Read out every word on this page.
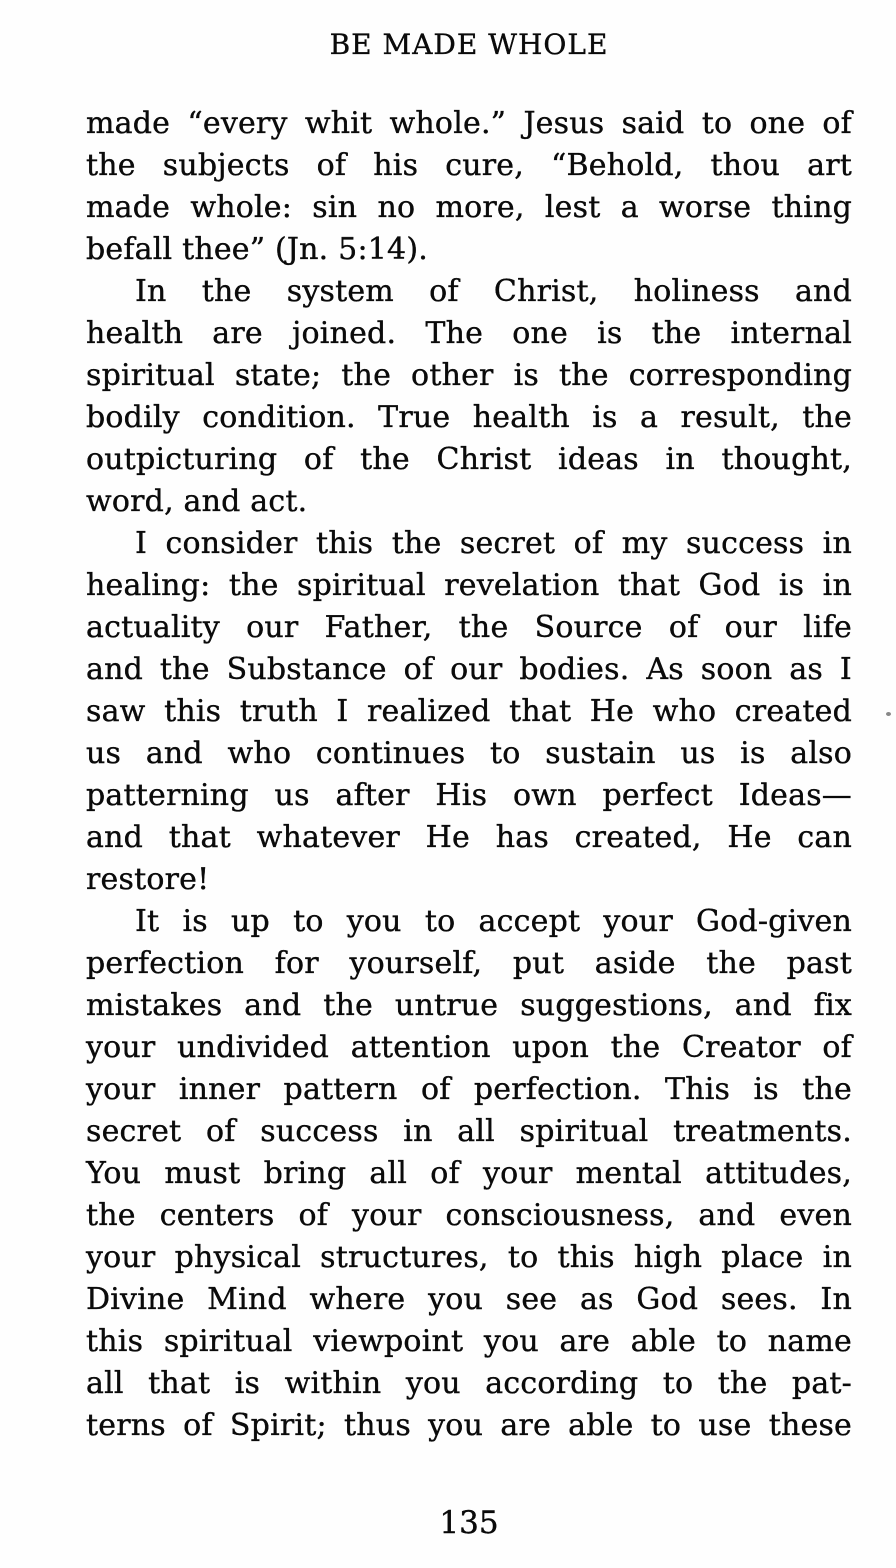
BE MADE WHOLE
made “every whit whole.” Jesus said to one of
the subjects of his cure, “Behold, thou art
made whole: sin no more, lest a worse thing
befall thee” (Jn. 5:14).

In the system of Christ, holiness and
health are joined. The one is the internal
spiritual state; the other is the corresponding
bodily condition. True health is a result, the
outpicturing of the Christ ideas in thought,
word, and act.

I consider this the secret of my success in
healing: the spiritual revelation that God is in
actuality our Father, the Source of our life
and the Substance of our bodies. As soon as I
saw this truth I realized that He who created
us and who continues to sustain us is also
patterning us after His own perfect Ideas—
and that whatever He has created, He can
restore!

It is up to you to accept your God-given
perfection for yourself, put aside the past
mistakes and the untrue suggestions, and fix
your undivided attention upon the Creator of
your inner pattern of perfection. This is the
secret of success in all spiritual treatments.
You must bring all of your mental attitudes,
the centers of your consciousness, and even
your physical structures, to this high place in
Divine Mind where you see as God sees. In
this spiritual viewpoint you are able to name
all that is within you according to the pat-
terns of Spirit; thus you are able to use these

135
